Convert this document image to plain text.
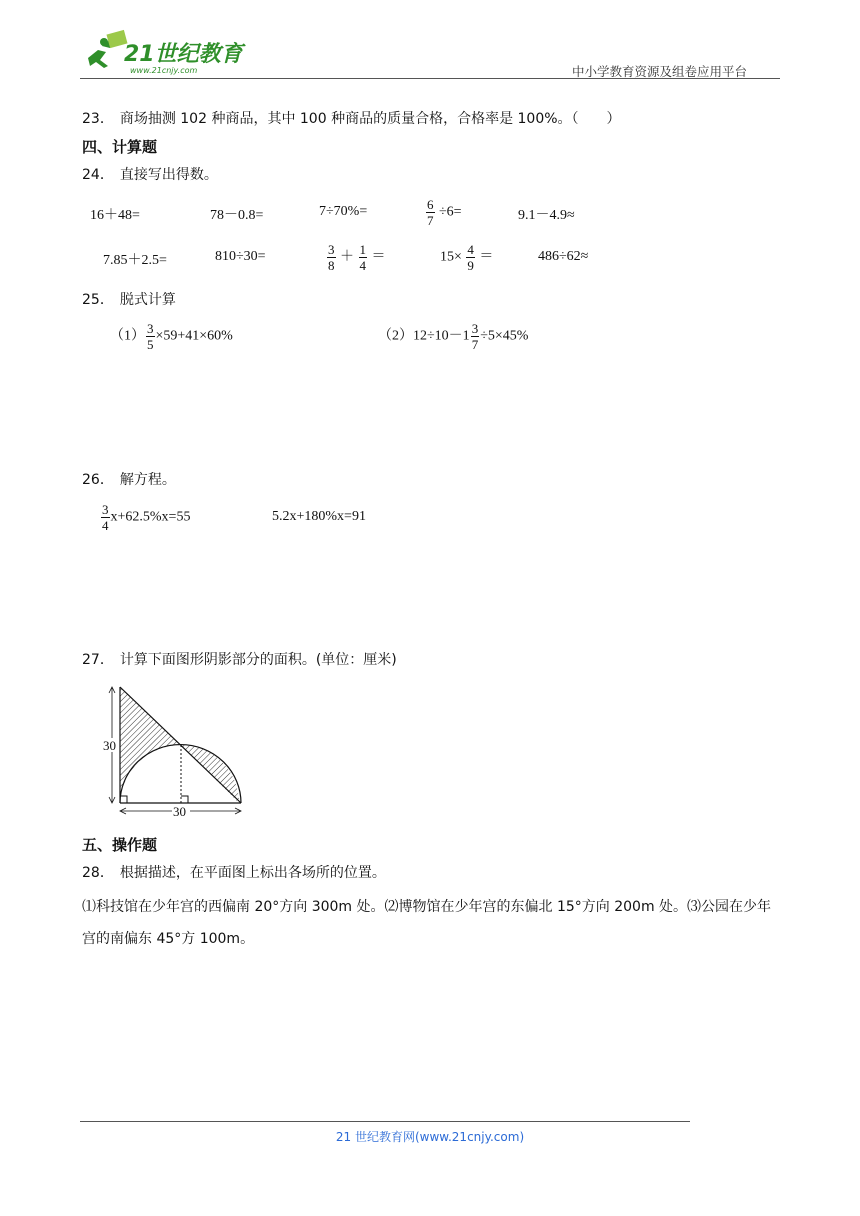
21世纪教育
www.21cnjy.com	中小学教育资源及组卷应用平台
23． 商场抽测 102 种商品，其中 100 种商品的质量合格，合格率是 100%。（　　）
四、计算题
24． 直接写出得数。
16＋48=	78－0.8=	7÷70%=	$\frac{6}{7} \div 6=$	9.1－4.9≈
7.85＋2.5=	810÷30=	$\frac{3}{8} + \frac{1}{4}$ ＝	$15\times \frac{4}{9}$ ＝	486÷62≈
25． 脱式计算
$(1) \frac{3}{5} \times 59+41\times 60\%$	$(2)12\div 10-1 \frac{3}{7} \div 5\times 45\%$
26． 解方程。
$\frac{3}{4} x+62.5\%x=55$	5.2x+180%x=91
27． 计算下面图形阴影部分的面积。(单位：厘米)
30
30
五、操作题
28． 根据描述，在平面图上标出各场所的位置。
⑴科技馆在少年宫的西偏南 20°方向 300m 处。⑵博物馆在少年宫的东偏北 15°方向 200m 处。⑶公园在少年宫的南偏东 45°方 100m。
21 世纪教育网(www.21cnjy.com)
